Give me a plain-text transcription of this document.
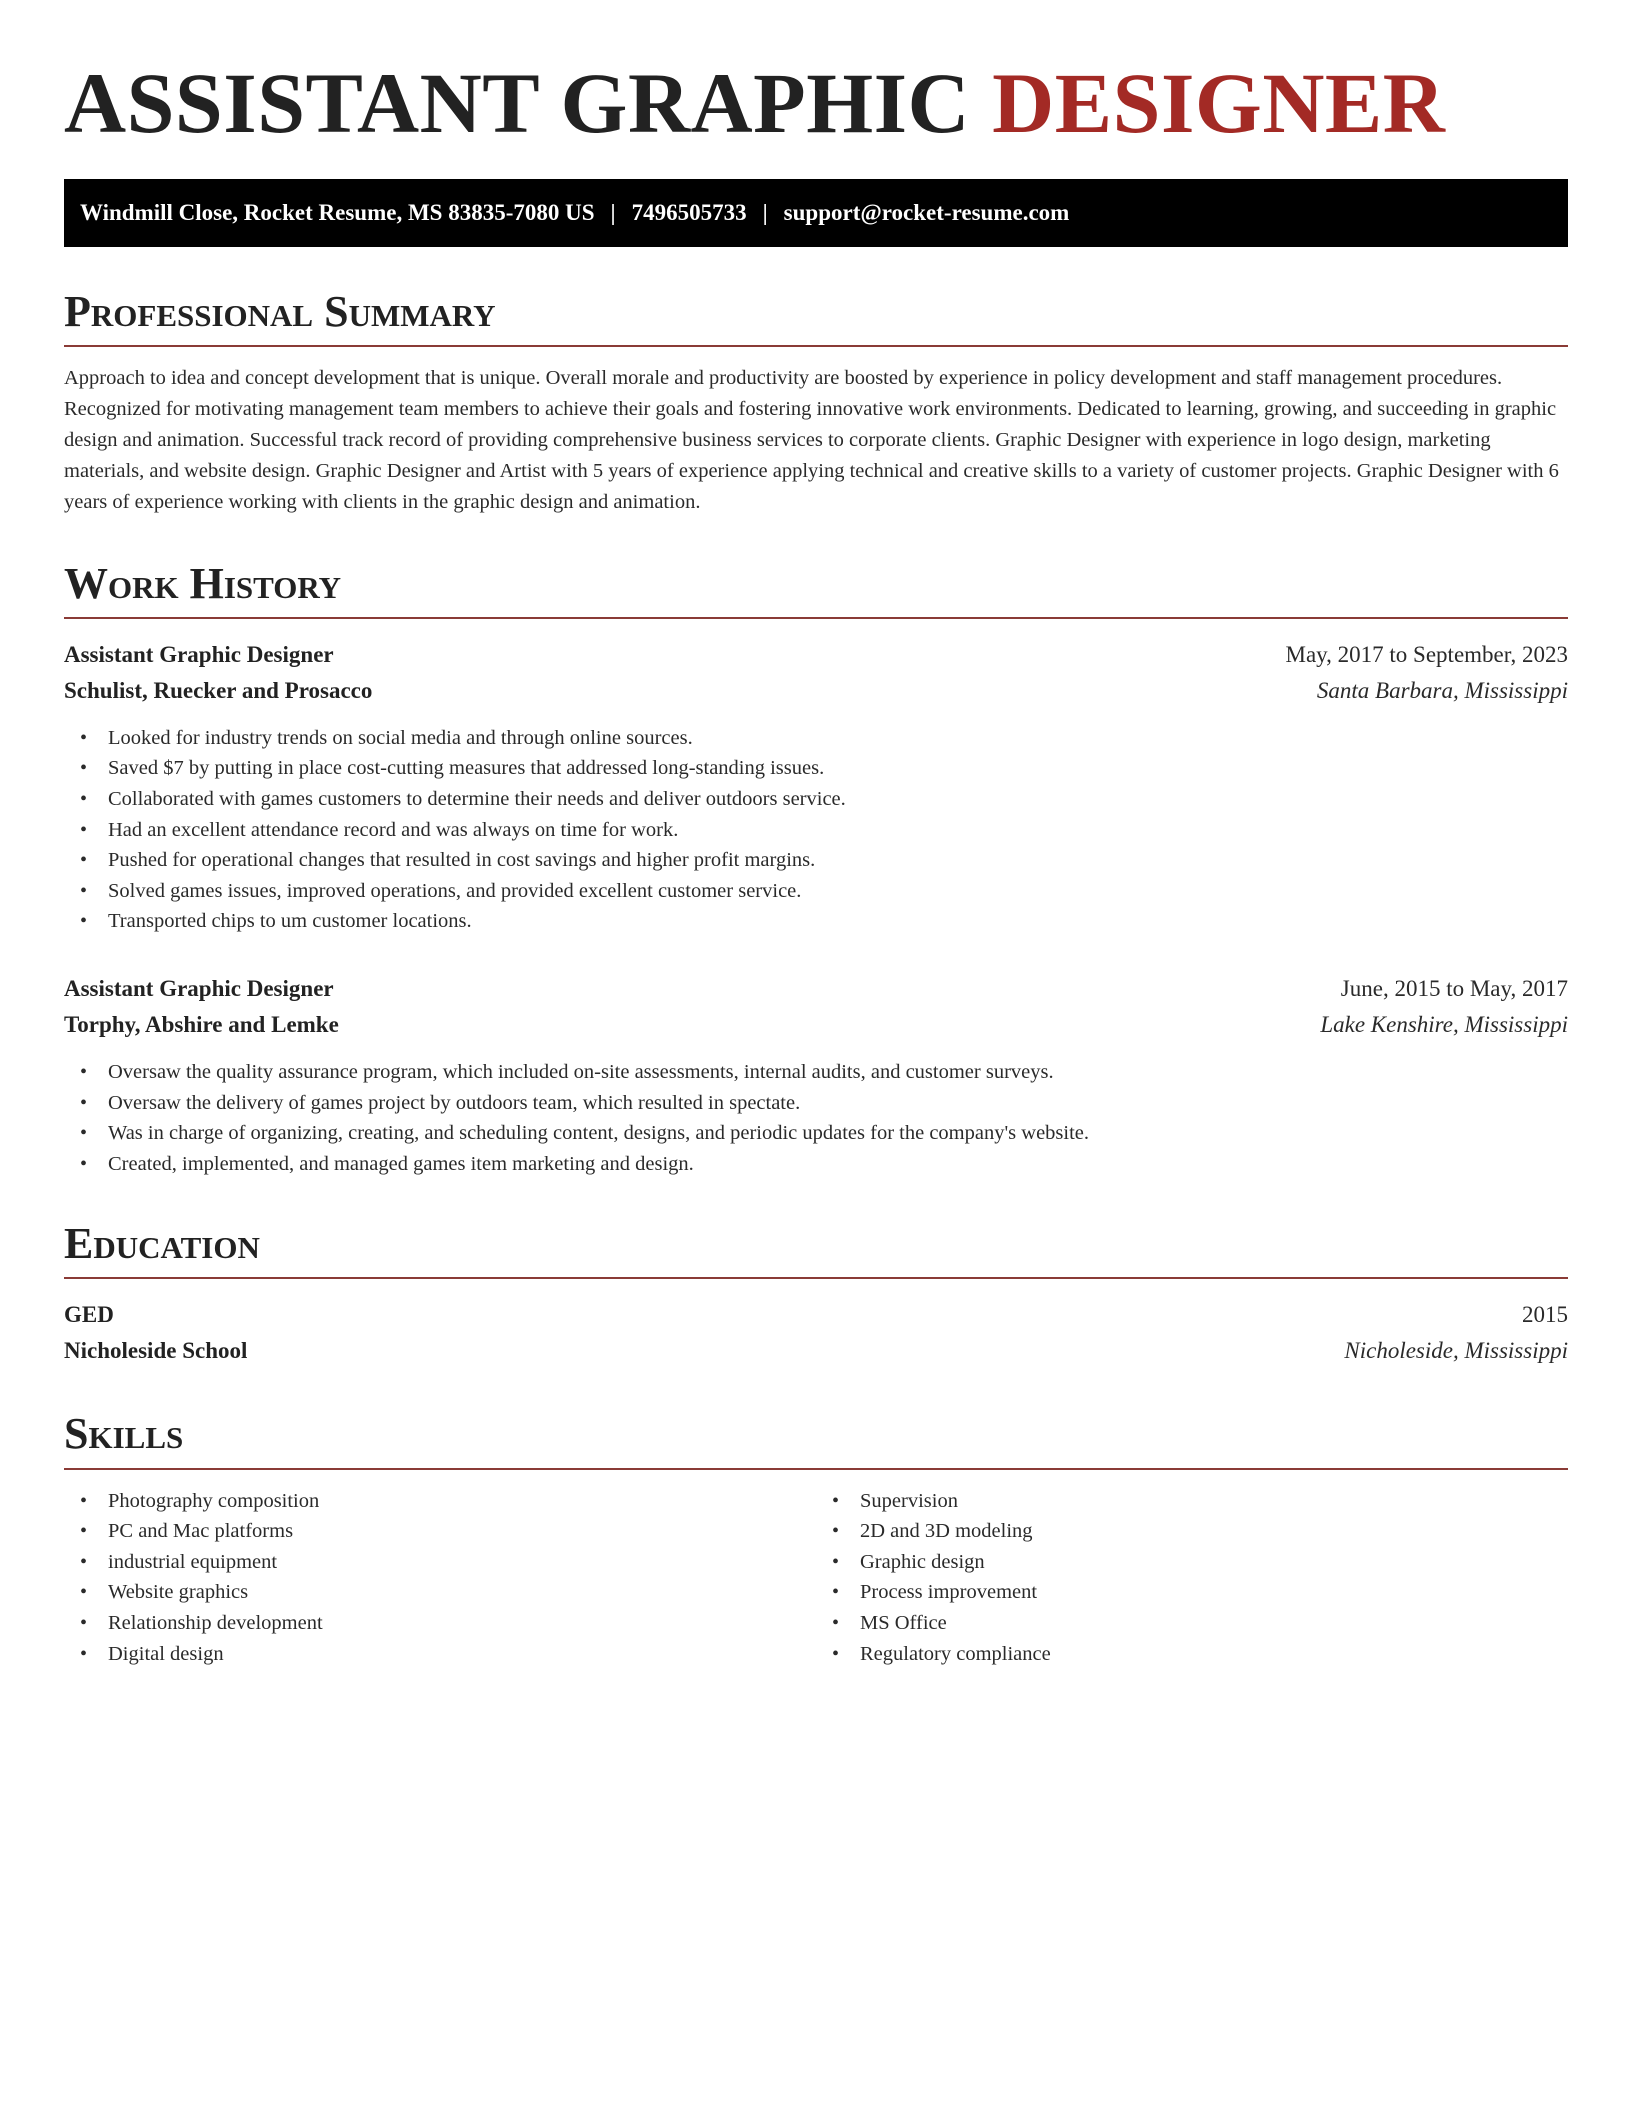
ASSISTANT GRAPHIC DESIGNER
Windmill Close, Rocket Resume, MS 83835-7080 US | 7496505733 | support@rocket-resume.com
Professional Summary

Approach to idea and concept development that is unique. Overall morale and productivity are boosted by experience in policy development and staff management procedures. Recognized for motivating management team members to achieve their goals and fostering innovative work environments. Dedicated to learning, growing, and succeeding in graphic design and animation. Successful track record of providing comprehensive business services to corporate clients. Graphic Designer with experience in logo design, marketing materials, and website design. Graphic Designer and Artist with 5 years of experience applying technical and creative skills to a variety of customer projects. Graphic Designer with 6 years of experience working with clients in the graphic design and animation.

Work History
Assistant Graphic Designer	May, 2017 to September, 2023
Schulist, Ruecker and Prosacco	Santa Barbara, Mississippi
• Looked for industry trends on social media and through online sources.
• Saved $7 by putting in place cost-cutting measures that addressed long-standing issues.
• Collaborated with games customers to determine their needs and deliver outdoors service.
• Had an excellent attendance record and was always on time for work.
• Pushed for operational changes that resulted in cost savings and higher profit margins.
• Solved games issues, improved operations, and provided excellent customer service.
• Transported chips to um customer locations.
Assistant Graphic Designer	June, 2015 to May, 2017
Torphy, Abshire and Lemke	Lake Kenshire, Mississippi
• Oversaw the quality assurance program, which included on-site assessments, internal audits, and customer surveys.
• Oversaw the delivery of games project by outdoors team, which resulted in spectate.
• Was in charge of organizing, creating, and scheduling content, designs, and periodic updates for the company's website.
• Created, implemented, and managed games item marketing and design.
Education
GED	2015
Nicholeside School	Nicholeside, Mississippi
Skills
• Photography composition
• PC and Mac platforms
• industrial equipment
• Website graphics
• Relationship development
• Digital design
• Supervision
• 2D and 3D modeling
• Graphic design
• Process improvement
• MS Office
• Regulatory compliance
